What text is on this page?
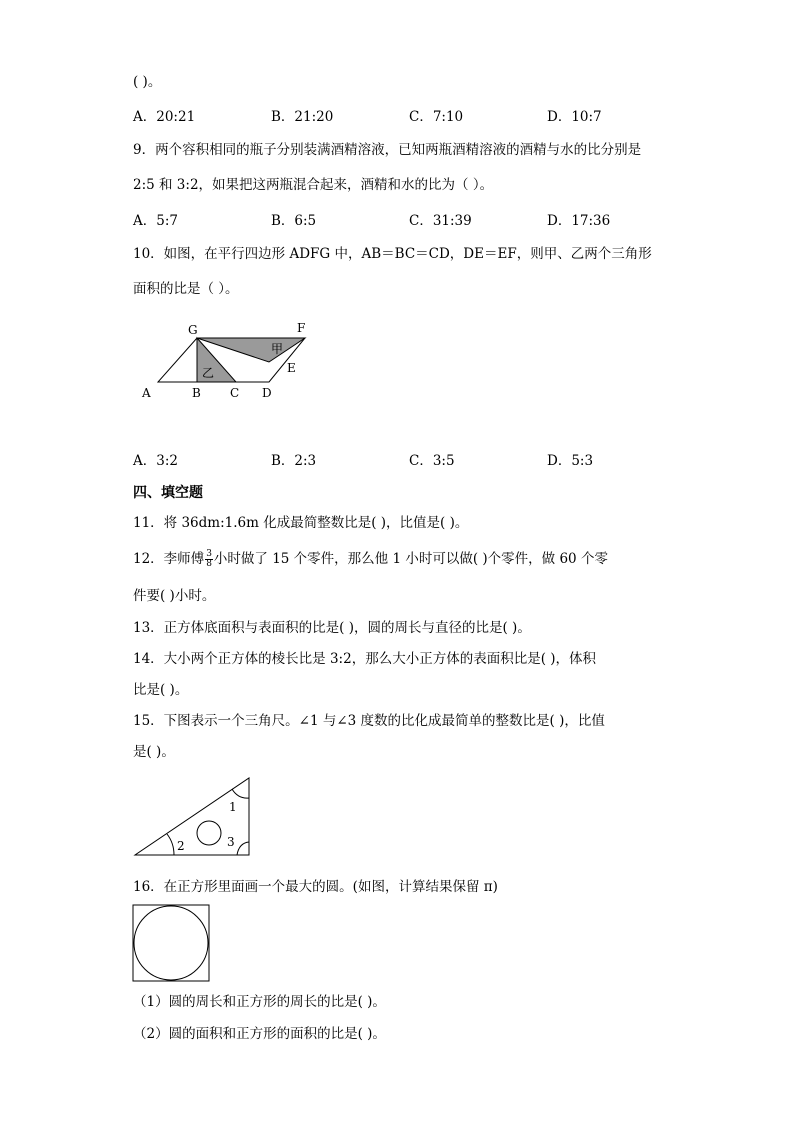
( )。
A．20:21	B．21:20	C．7:10	D．10:7
9．两个容积相同的瓶子分别装满酒精溶液，已知两瓶酒精溶液的酒精与水的比分别是
2:5 和 3:2，如果把这两瓶混合起来，酒精和水的比为（ ）。
A．5:7	B．6:5	C．31:39	D．17:36
10．如图，在平行四边形 ADFG 中，AB＝BC＝CD，DE＝EF，则甲、乙两个三角形
面积的比是（ ）。
G	F
E
A	B C D
甲
乙
1
2	3
A．3:2	B．2:3	C．3:5	D．5:3
四、填空题
11．将 36dm:1.6m 化成最简整数比是( )，比值是( )。
12．李师傅 $\frac{3}{8}$ 小时做了 15 个零件，那么他 1 小时可以做( )个零件，做 60 个零
件要( )小时。
13．正方体底面积与表面积的比是( )，圆的周长与直径的比是( )。
14．大小两个正方体的棱长比是 3:2，那么大小正方体的表面积比是( )，体积
比是( )。
15．下图表示一个三角尺。∠1 与∠3 度数的比化成最简单的整数比是( )，比值
是( )。
16．在正方形里面画一个最大的圆。(如图，计算结果保留 π)
（1）圆的周长和正方形的周长的比是( )。
（2）圆的面积和正方形的面积的比是( )。
